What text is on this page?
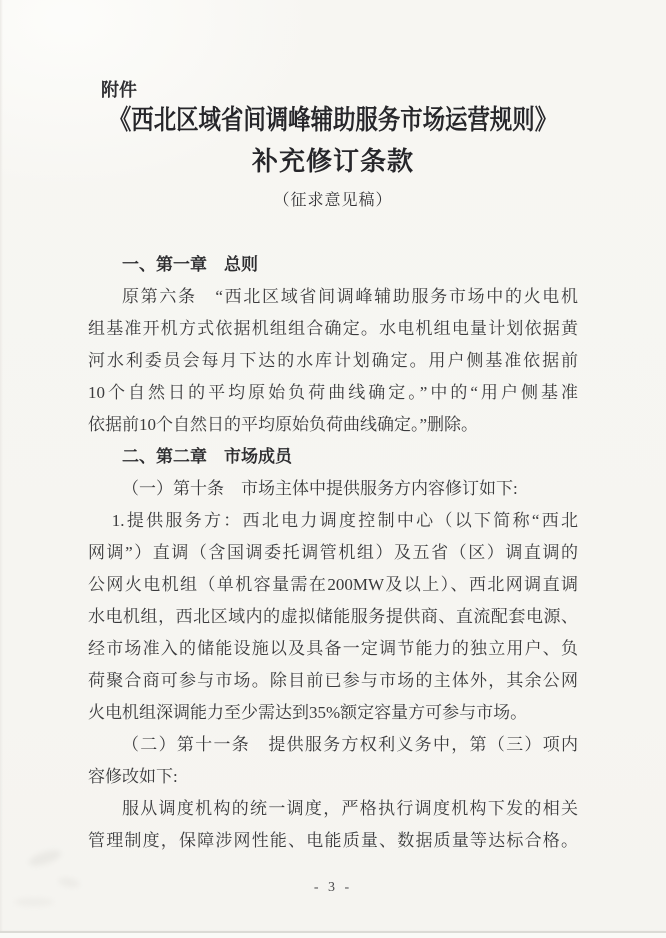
附件
《西北区域省间调峰辅助服务市场运营规则》
补充修订条款
（征求意见稿）
一、第一章　总则
原第六条　“西北区域省间调峰辅助服务市场中的火电机
组基准开机方式依据机组组合确定。水电机组电量计划依据黄
河水利委员会每月下达的水库计划确定。用户侧基准依据前
10个自然日的平均原始负荷曲线确定。”中的“用户侧基准
依据前10个自然日的平均原始负荷曲线确定。”删除。
二、第二章　市场成员
（一）第十条　市场主体中提供服务方内容修订如下:
1.提供服务方：西北电力调度控制中心（以下简称“西北
网调”）直调（含国调委托调管机组）及五省（区）调直调的
公网火电机组（单机容量需在200MW及以上）、西北网调直调
水电机组，西北区域内的虚拟储能服务提供商、直流配套电源、
经市场准入的储能设施以及具备一定调节能力的独立用户、负
荷聚合商可参与市场。除目前已参与市场的主体外，其余公网
火电机组深调能力至少需达到35%额定容量方可参与市场。
（二）第十一条　提供服务方权利义务中，第（三）项内
容修改如下:
服从调度机构的统一调度，严格执行调度机构下发的相关
管理制度，保障涉网性能、电能质量、数据质量等达标合格。
- 3 -
